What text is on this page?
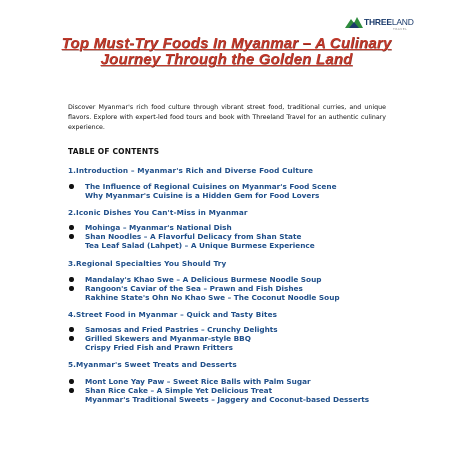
THREELAND
TRAVEL
Top Must-Try Foods In Myanmar – A Culinary Journey Through the Golden Land
Discover Myanmar's rich food culture through vibrant street food, traditional curries, and unique flavors. Explore with expert-led food tours and book with Threeland Travel for an authentic culinary experience.
TABLE OF CONTENTS
1.Introduction – Myanmar's Rich and Diverse Food Culture
The Influence of Regional Cuisines on Myanmar's Food Scene
Why Myanmar's Cuisine is a Hidden Gem for Food Lovers
2.Iconic Dishes You Can't-Miss in Myanmar
Mohinga – Myanmar's National Dish
Shan Noodles – A Flavorful Delicacy from Shan State
Tea Leaf Salad (Lahpet) – A Unique Burmese Experience
3.Regional Specialties You Should Try
Mandalay's Khao Swe – A Delicious Burmese Noodle Soup
Rangoon's Caviar of the Sea – Prawn and Fish Dishes
Rakhine State's Ohn No Khao Swe – The Coconut Noodle Soup
4.Street Food in Myanmar – Quick and Tasty Bites
Samosas and Fried Pastries – Crunchy Delights
Grilled Skewers and Myanmar-style BBQ
Crispy Fried Fish and Prawn Fritters
5.Myanmar's Sweet Treats and Desserts
Mont Lone Yay Paw – Sweet Rice Balls with Palm Sugar
Shan Rice Cake – A Simple Yet Delicious Treat
Myanmar's Traditional Sweets – Jaggery and Coconut-based Desserts
